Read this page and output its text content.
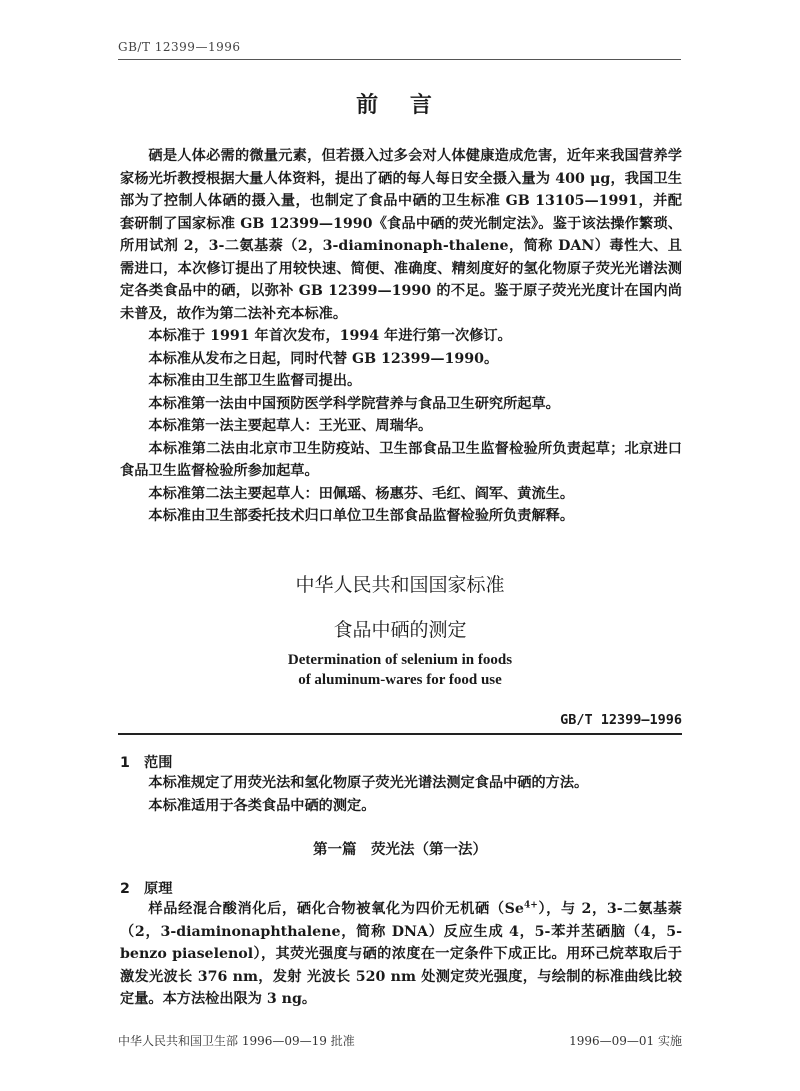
GB/T 12399—1996
前 言

硒是人体必需的微量元素，但若摄入过多会对人体健康造成危害，近年来我国营养学家杨光圻教授根据大量人体资料，提出了硒的每人每日安全摄入量为 400 μg，我国卫生部为了控制人体硒的摄入量，也制定了食品中硒的卫生标准 GB 13105—1991，并配套研制了国家标准 GB 12399—1990《食品中硒的荧光制定法》。鉴于该法操作繁琐、所用试剂 2，3-二氨基萘（2，3-diaminonaph-thalene，简称 DAN）毒性大、且需进口，本次修订提出了用较快速、简便、准确度、精刻度好的氢化物原子荧光光谱法测定各类食品中的硒，以弥补 GB 12399—1990 的不足。鉴于原子荧光光度计在国内尚未普及，故作为第二法补充本标准。

本标准于 1991 年首次发布，1994 年进行第一次修订。

本标准从发布之日起，同时代替 GB 12399—1990。

本标准由卫生部卫生监督司提出。

本标准第一法由中国预防医学科学院营养与食品卫生研究所起草。

本标准第一法主要起草人：王光亚、周瑞华。

本标准第二法由北京市卫生防疫站、卫生部食品卫生监督检验所负责起草；北京进口食品卫生监督检验所参加起草。

本标准第二法主要起草人：田佩瑶、杨惠芬、毛红、阎军、黄流生。

本标准由卫生部委托技术归口单位卫生部食品监督检验所负责解释。

中华人民共和国国家标准
食品中硒的测定
Determination of selenium in foods
of aluminum-wares for food use
GB/T 12399—1996
1　范围

本标准规定了用荧光法和氢化物原子荧光光谱法测定食品中硒的方法。

本标准适用于各类食品中硒的测定。

第一篇　荧光法（第一法）
2　原理

样品经混合酸消化后，硒化合物被氧化为四价无机硒$(Se^{4+})$，与 2，3-二氨基萘（2，3-diaminonaphthalene，简称 DNA）反应生成 4，5-苯并苤硒脑（4，5-benzo piaselenol），其荧光强度与硒的浓度在一定条件下成正比。用环己烷萃取后于激发光波长 376 nm，发射 光波长 520 nm 处测定荧光强度，与绘制的标准曲线比较定量。本方法检出限为 3 ng。

中华人民共和国卫生部 1996—09—19 批准	1996—09—01 实施
